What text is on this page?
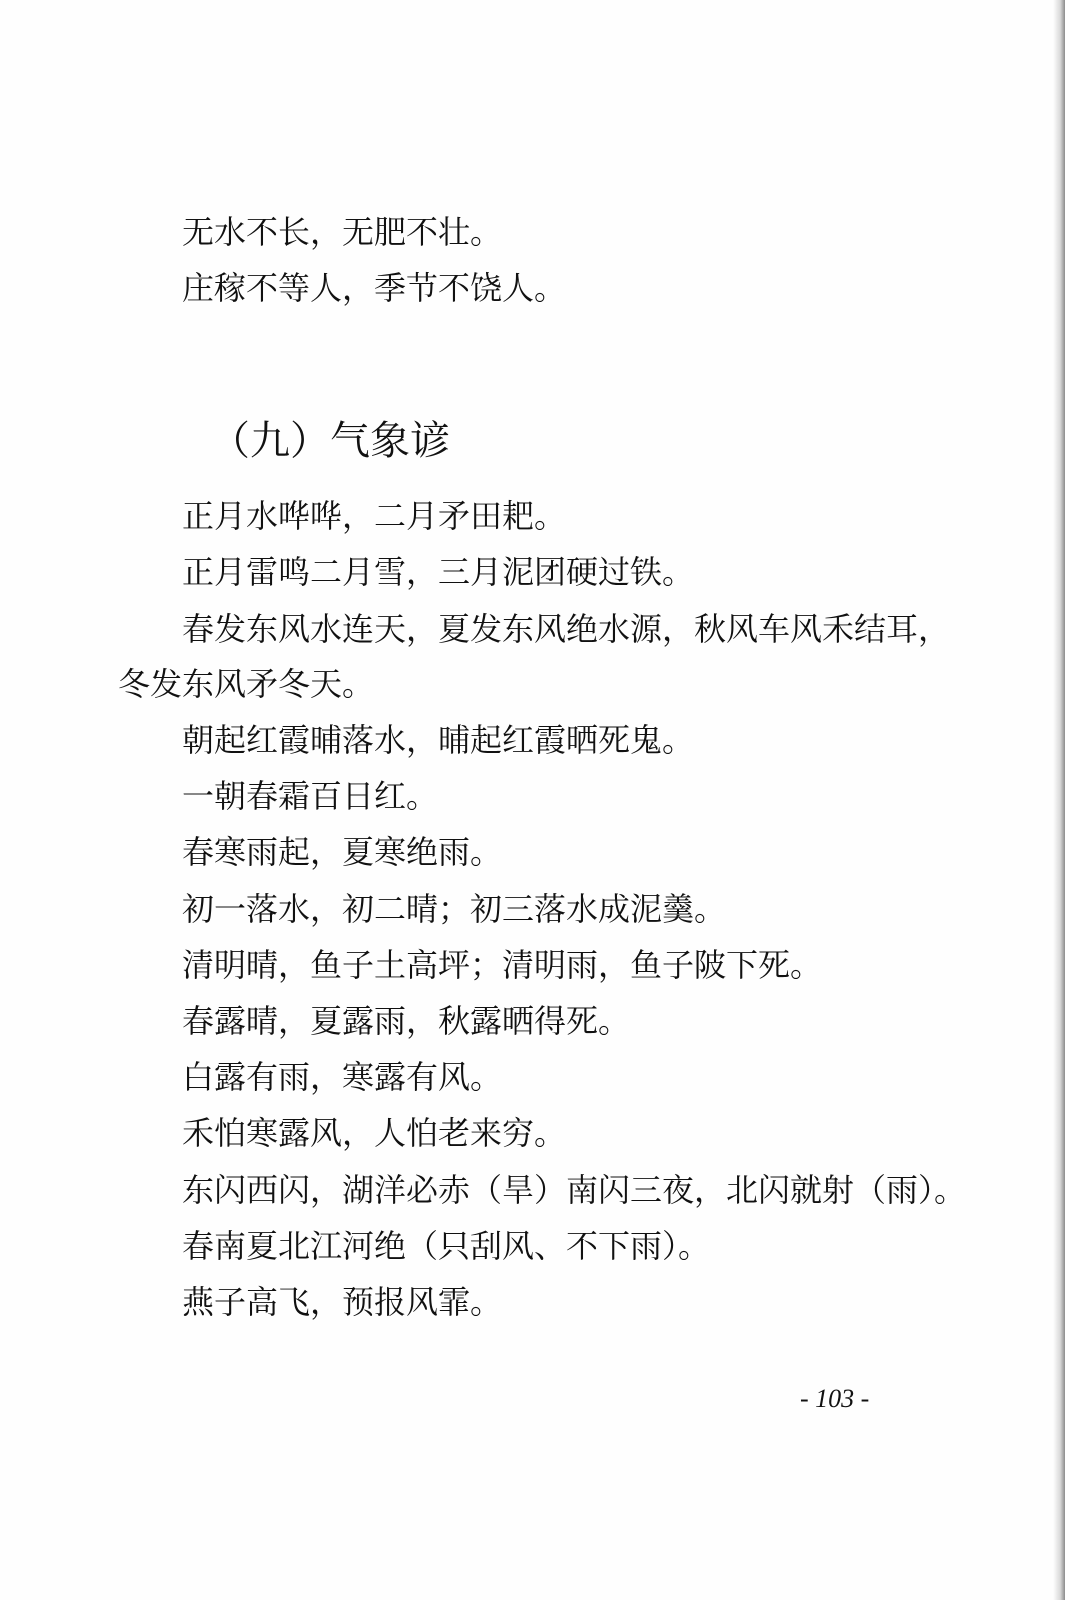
无水不长，无肥不壮。
庄稼不等人，季节不饶人。
（九）气象谚
正月水哗哗，二月矛田耙。
正月雷鸣二月雪，三月泥团硬过铁。
春发东风水连天，夏发东风绝水源，秋风车风禾结耳，
冬发东风矛冬天。
朝起红霞晡落水，晡起红霞晒死鬼。
一朝春霜百日红。
春寒雨起，夏寒绝雨。
初一落水，初二晴；初三落水成泥羹。
清明晴，鱼子土高坪；清明雨，鱼子陂下死。
春露晴，夏露雨，秋露晒得死。
白露有雨，寒露有风。
禾怕寒露风，人怕老来穷。
东闪西闪，湖洋必赤（旱）南闪三夜，北闪就射（雨）。
春南夏北江河绝（只刮风、不下雨）。
燕子高飞，预报风霏。
- 103 -
